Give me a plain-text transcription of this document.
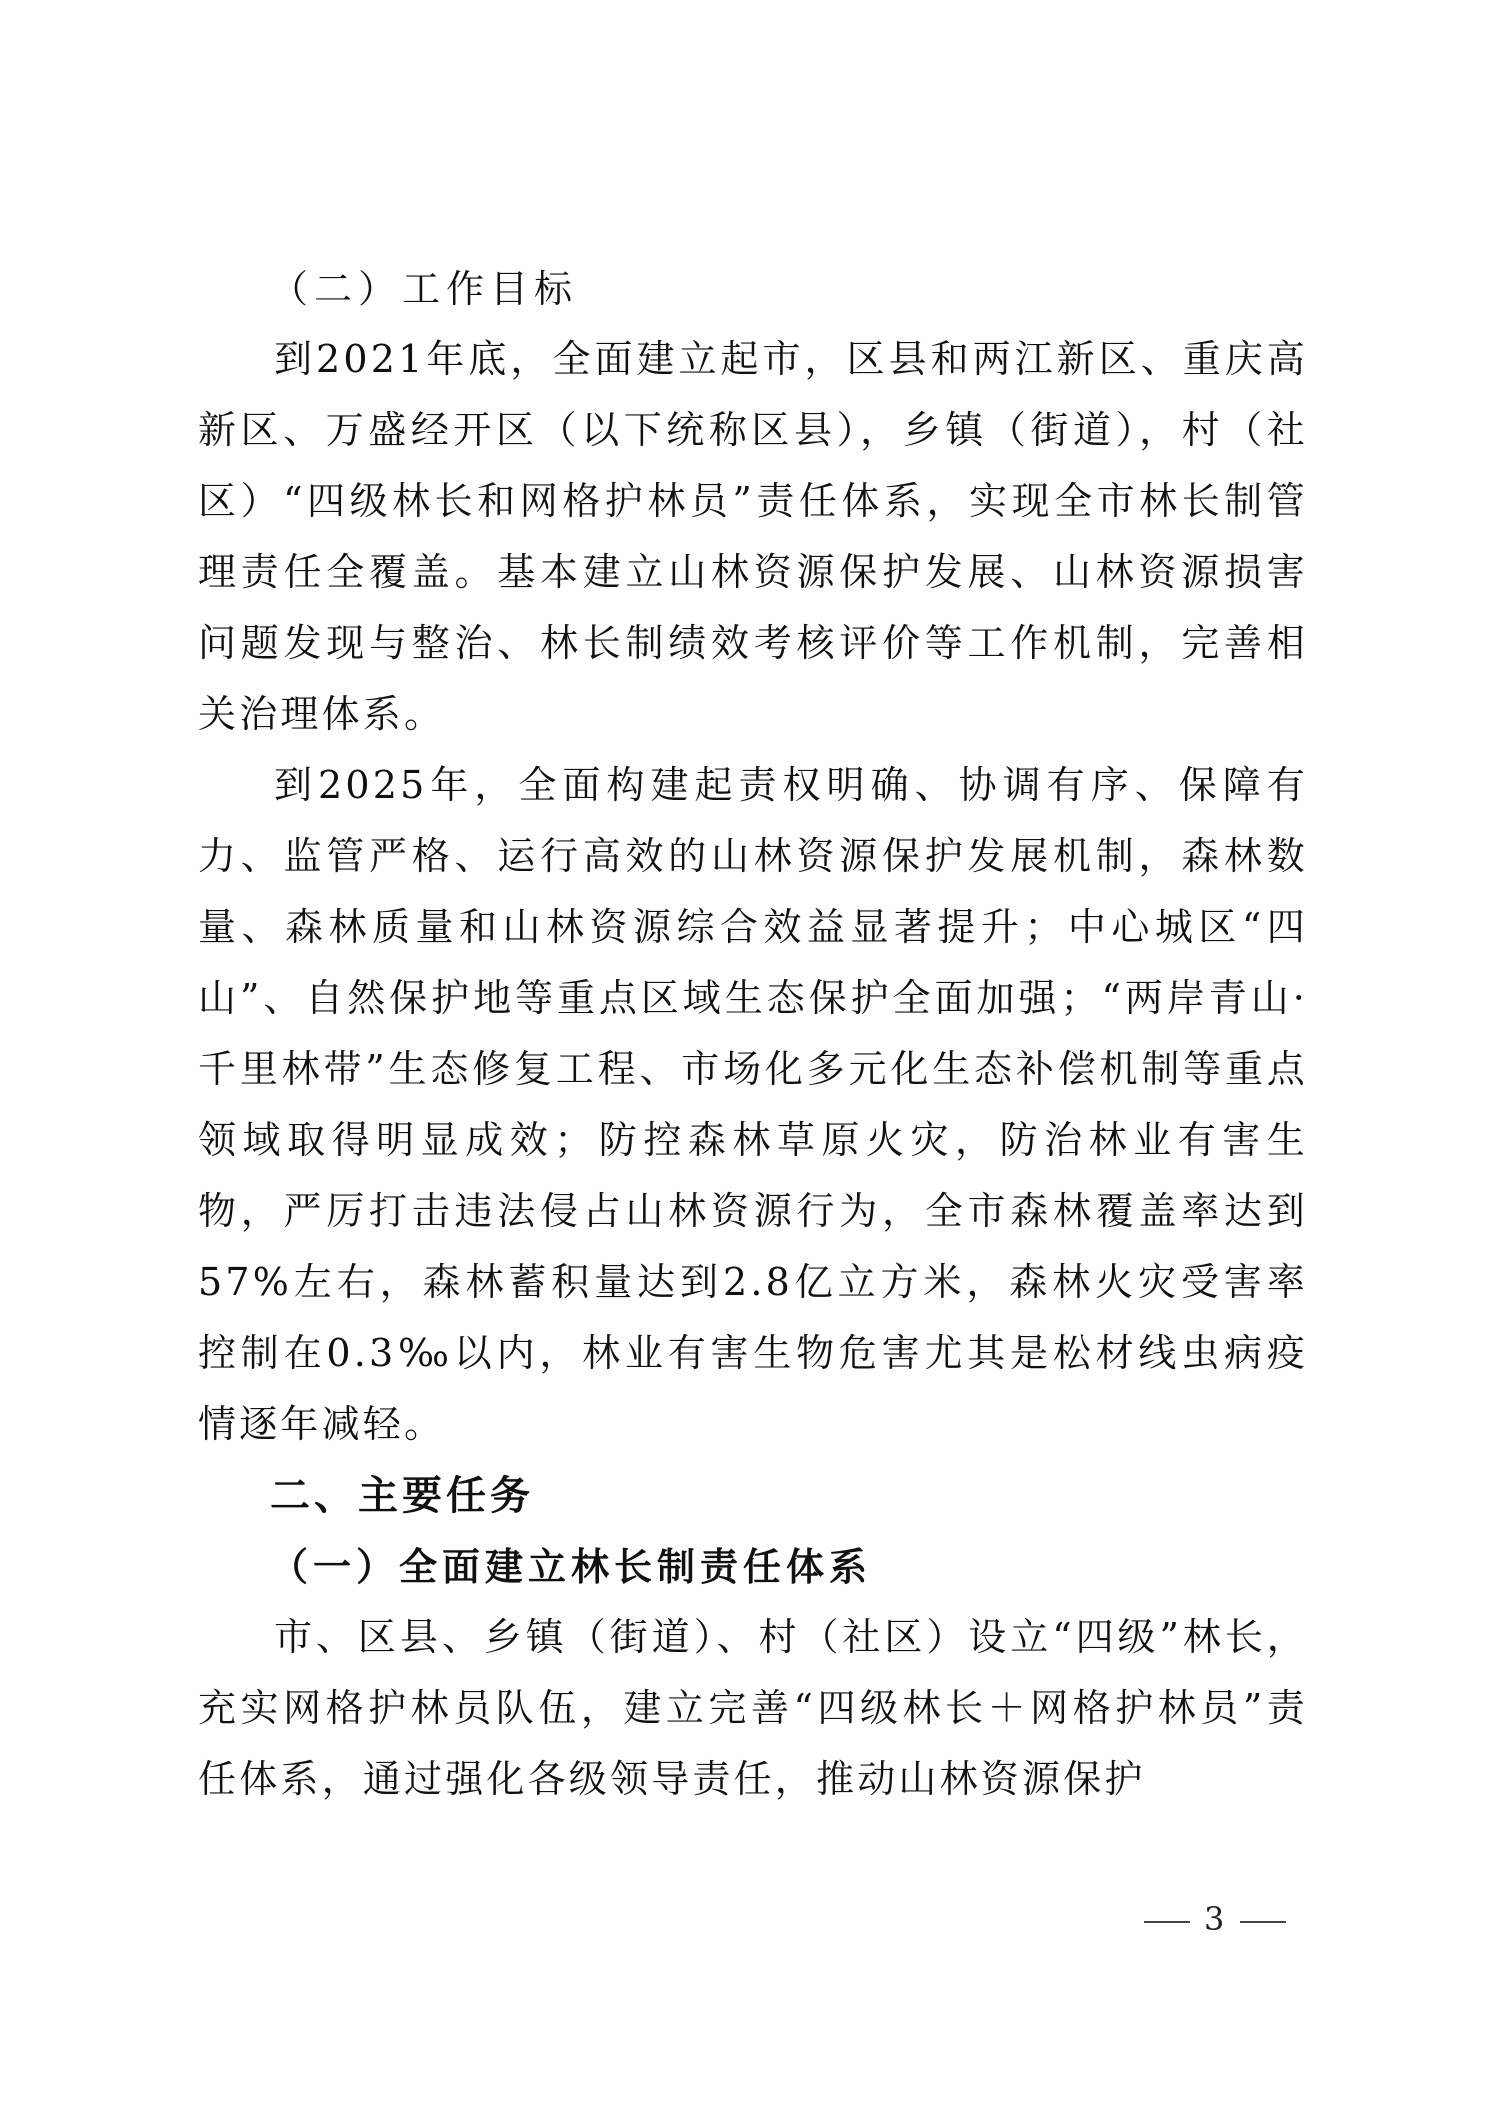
（二）工作目标

到2021年底，全面建立起市，区县和两江新区、重庆高新区、万盛经开区（以下统称区县），乡镇（街道），村（社区）“四级林长和网格护林员”责任体系，实现全市林长制管理责任全覆盖。基本建立山林资源保护发展、山林资源损害问题发现与整治、林长制绩效考核评价等工作机制，完善相关治理体系。

到2025年，全面构建起责权明确、协调有序、保障有力、监管严格、运行高效的山林资源保护发展机制，森林数量、森林质量和山林资源综合效益显著提升；中心城区“四山”、自然保护地等重点区域生态保护全面加强；“两岸青山·千里林带”生态修复工程、市场化多元化生态补偿机制等重点领域取得明显成效；防控森林草原火灾，防治林业有害生物，严厉打击违法侵占山林资源行为，全市森林覆盖率达到57%左右，森林蓄积量达到2.8亿立方米，森林火灾受害率控制在0.3‰以内，林业有害生物危害尤其是松材线虫病疫情逐年减轻。

二、主要任务
（一）全面建立林长制责任体系

市、区县、乡镇（街道）、村（社区）设立“四级”林长，充实网格护林员队伍，建立完善“四级林长＋网格护林员”责任体系，通过强化各级领导责任，推动山林资源保护

3
